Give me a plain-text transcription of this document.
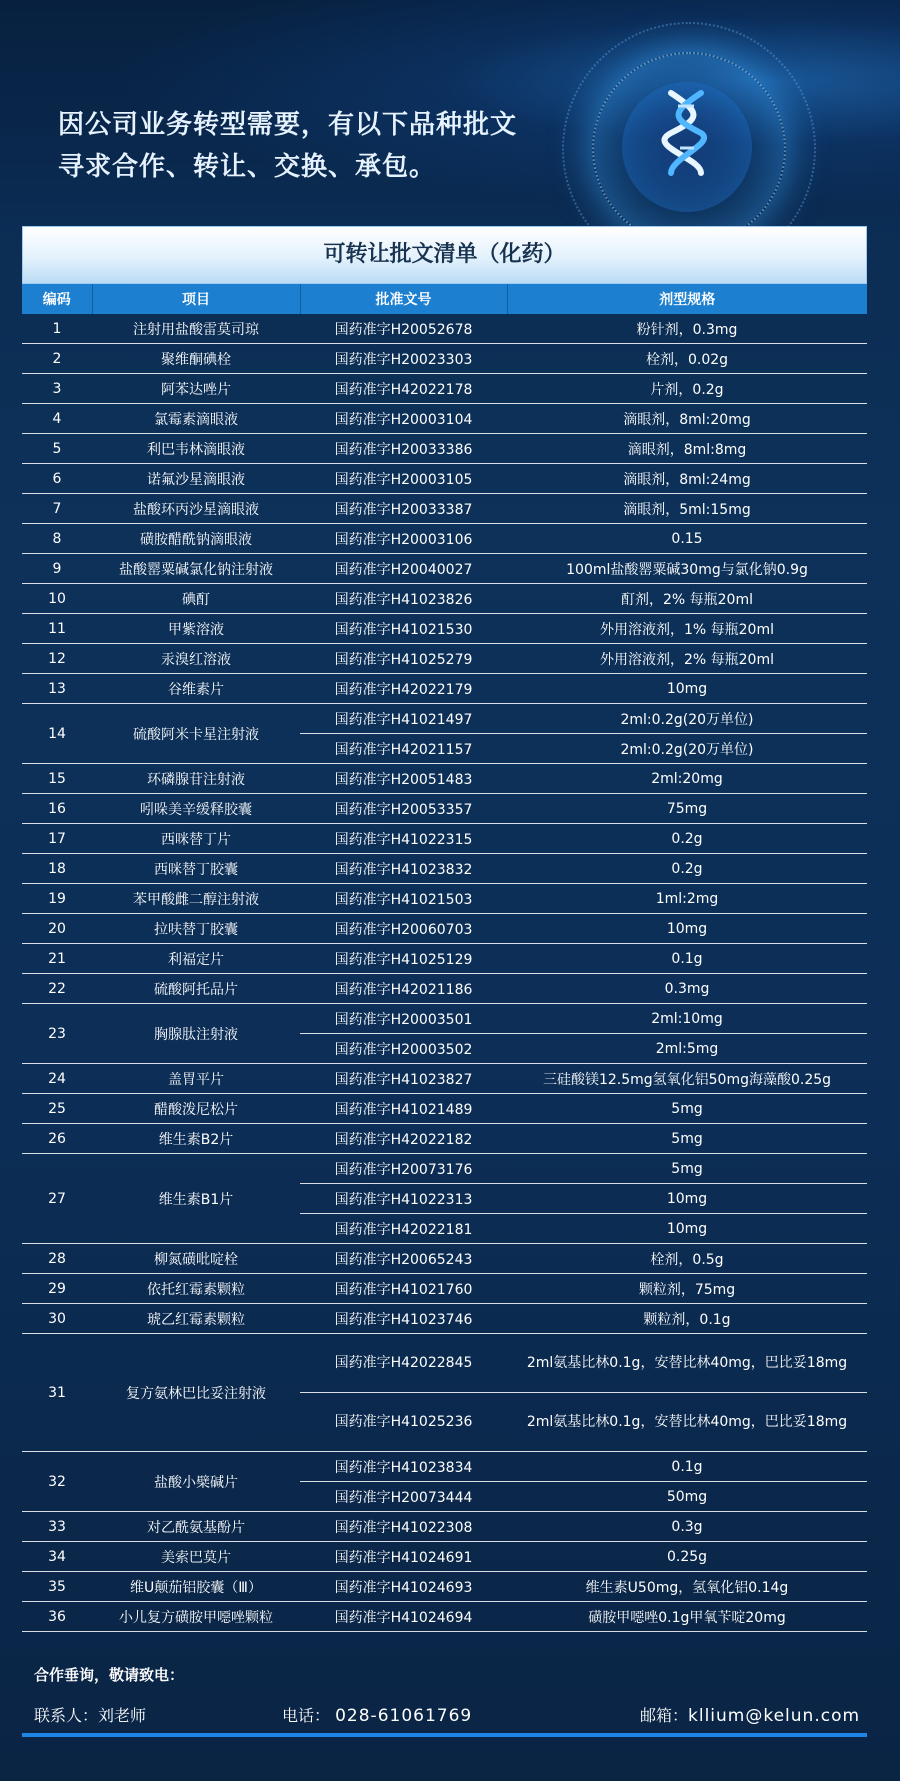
因公司业务转型需要，有以下品种批文
寻求合作、转让、交换、承包。
可转让批文清单（化药）
编码	项目	批准文号	剂型规格
1	注射用盐酸雷莫司琼	国药准字H20052678	粉针剂，0.3mg
2	聚维酮碘栓	国药准字H20023303	栓剂，0.02g
3	阿苯达唑片	国药准字H42022178	片剂，0.2g
4	氯霉素滴眼液	国药准字H20003104	滴眼剂，8ml:20mg
5	利巴韦林滴眼液	国药准字H20033386	滴眼剂，8ml:8mg
6	诺氟沙星滴眼液	国药准字H20003105	滴眼剂，8ml:24mg
7	盐酸环丙沙星滴眼液	国药准字H20033387	滴眼剂，5ml:15mg
8	磺胺醋酰钠滴眼液	国药准字H20003106	0.15
9	盐酸罂粟碱氯化钠注射液	国药准字H20040027	100ml盐酸罂粟碱30mg与氯化钠0.9g
10	碘酊	国药准字H41023826	酊剂，2% 每瓶20ml
11	甲紫溶液	国药准字H41021530	外用溶液剂，1% 每瓶20ml
12	汞溴红溶液	国药准字H41025279	外用溶液剂，2% 每瓶20ml
13	谷维素片	国药准字H42022179	10mg
14	硫酸阿米卡星注射液	国药准字H41021497	2ml:0.2g(20万单位)
		国药准字H42021157	2ml:0.2g(20万单位)
15	环磷腺苷注射液	国药准字H20051483	2ml:20mg
16	吲哚美辛缓释胶囊	国药准字H20053357	75mg
17	西咪替丁片	国药准字H41022315	0.2g
18	西咪替丁胶囊	国药准字H41023832	0.2g
19	苯甲酸雌二醇注射液	国药准字H41021503	1ml:2mg
20	拉呋替丁胶囊	国药准字H20060703	10mg
21	利福定片	国药准字H41025129	0.1g
22	硫酸阿托品片	国药准字H42021186	0.3mg
23	胸腺肽注射液	国药准字H20003501	2ml:10mg
		国药准字H20003502	2ml:5mg
24	盖胃平片	国药准字H41023827	三硅酸镁12.5mg氢氧化铝50mg海藻酸0.25g
25	醋酸泼尼松片	国药准字H41021489	5mg
26	维生素B2片	国药准字H42022182	5mg
27	维生素B1片	国药准字H20073176	5mg
		国药准字H41022313	10mg
		国药准字H42022181	10mg
28	柳氮磺吡啶栓	国药准字H20065243	栓剂，0.5g
29	依托红霉素颗粒	国药准字H41021760	颗粒剂，75mg
30	琥乙红霉素颗粒	国药准字H41023746	颗粒剂，0.1g
31	复方氨林巴比妥注射液	国药准字H42022845	2ml氨基比林0.1g，安替比林40mg，巴比妥18mg
		国药准字H41025236	2ml氨基比林0.1g，安替比林40mg，巴比妥18mg
32	盐酸小檗碱片	国药准字H41023834	0.1g
		国药准字H20073444	50mg
33	对乙酰氨基酚片	国药准字H41022308	0.3g
34	美索巴莫片	国药准字H41024691	0.25g
35	维U颠茄铝胶囊（Ⅲ）	国药准字H41024693	维生素U50mg，氢氧化铝0.14g
36	小儿复方磺胺甲噁唑颗粒	国药准字H41024694	磺胺甲噁唑0.1g甲氧苄啶20mg
合作垂询，敬请致电：
联系人：刘老师	电话： 028-61061769	邮箱：kllium@kelun.com
